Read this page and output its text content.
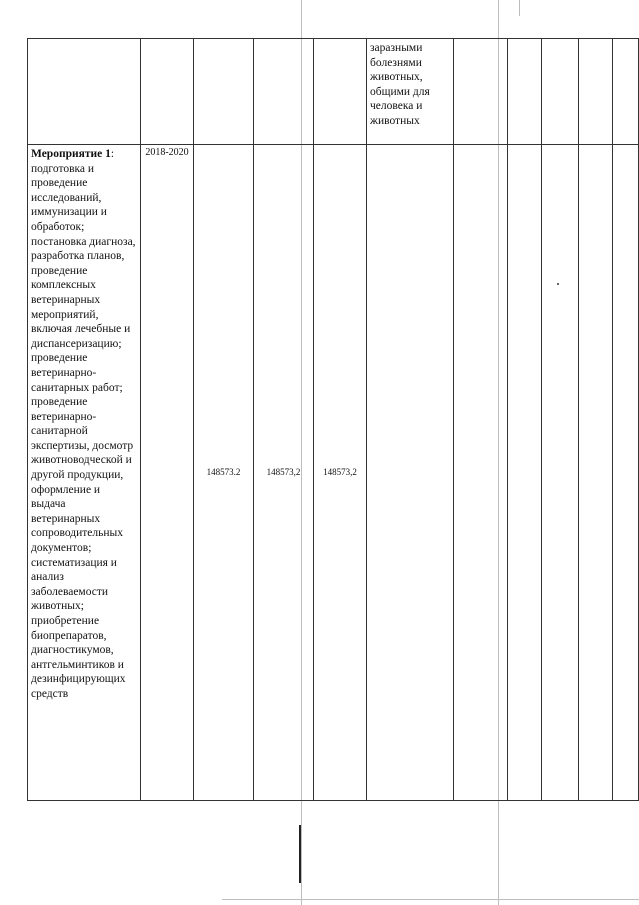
					заразными болезнями животных, общими для человека и животных					
Мероприятие 1: подготовка и проведение исследований, иммунизации и обработок; постановка диагноза, разработка планов, проведение комплексных ветеринарных мероприятий, включая лечебные и диспансеризацию; проведение ветеринарно-санитарных работ; проведение ветеринарно-санитарной экспертизы, досмотр животноводческой и другой продукции, оформление и выдача ветеринарных сопроводительных документов; систематизация и анализ заболеваемости животных; приобретение биопрепаратов, диагностикумов, антгельминтиков и дезинфицирующих средств	2018-2020	148573.2	148573,2	148573,2						
